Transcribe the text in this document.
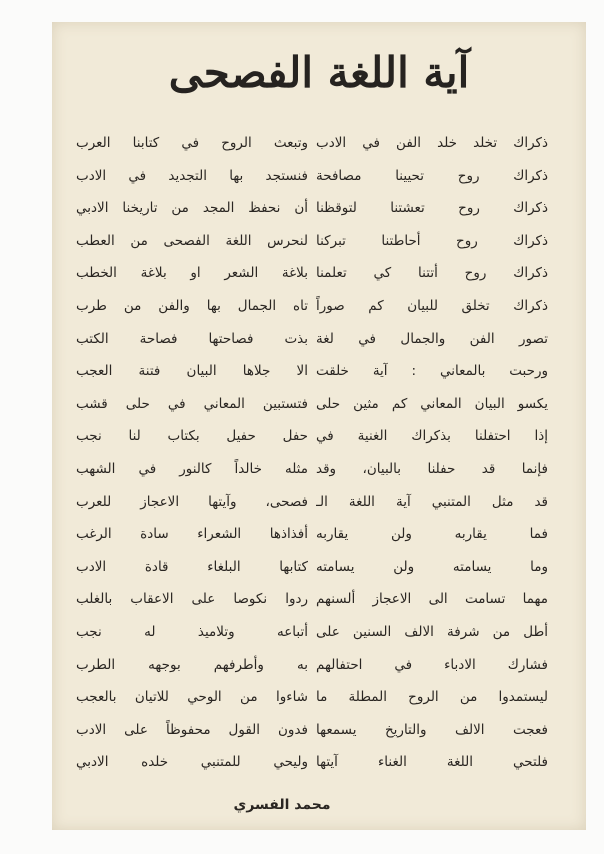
آية اللغة الفصحى
ذكراك تخلد خلد الفن في الادب
ذكراك روح تحيينا مصافحة
ذكراك روح تعشتنا لتوقظنا
ذكراك روح أحاطتنا تبركنا
ذكراك روح أتتنا كي تعلمنا
ذكراك تخلق للبيان كم صوراً
تصور الفن والجمال في لغة
ورحبت بالمعاني : آية خلقت
يكسو البيان المعاني كم مثين حلى
إذا احتفلنا بذكراك الغنية في
فإنما قد حفلنا بالبيان، وقد
قد مثل المتنبي آية اللغة الـ
فما يقاربه ولن يقاربه
وما يسامته ولن يسامته
مهما تسامت الى الاعجاز ألسنهم
أطل من شرفة الالف السنين على
فشارك الادباء في احتفالهم
ليستمدوا من الروح المطلة ما
فعجت الالف والتاريخ يسمعها
فلتحي اللغة الغناء آيتها
وتبعث الروح في كتابنا العرب
فنستجد بها التجديد في الادب
أن نحفظ المجد من تاريخنا الادبي
لنحرس اللغة الفصحى من العطب
بلاغة الشعر او بلاغة الخطب
تاه الجمال بها والفن من طرب
بذت فصاحتها فصاحة الكتب
الا جلاها البيان فتنة العجب
فتستبين المعاني في حلى قشب
حفل حفيل بكتاب لنا نجب
مثله خالداً كالنور في الشهب
فصحى، وآيتها الاعجاز للعرب
أفذاذها الشعراء سادة الرغب
كتابها البلغاء قادة الادب
ردوا نكوصا على الاعقاب بالغلب
أتباعه وتلاميذ له نجب
به وأطرفهم بوجهه الطرب
شاءوا من الوحي للاتيان بالعجب
فدون القول محفوظاً على الادب
وليحي للمتنبي خلده الادبي
محمد الفسري
